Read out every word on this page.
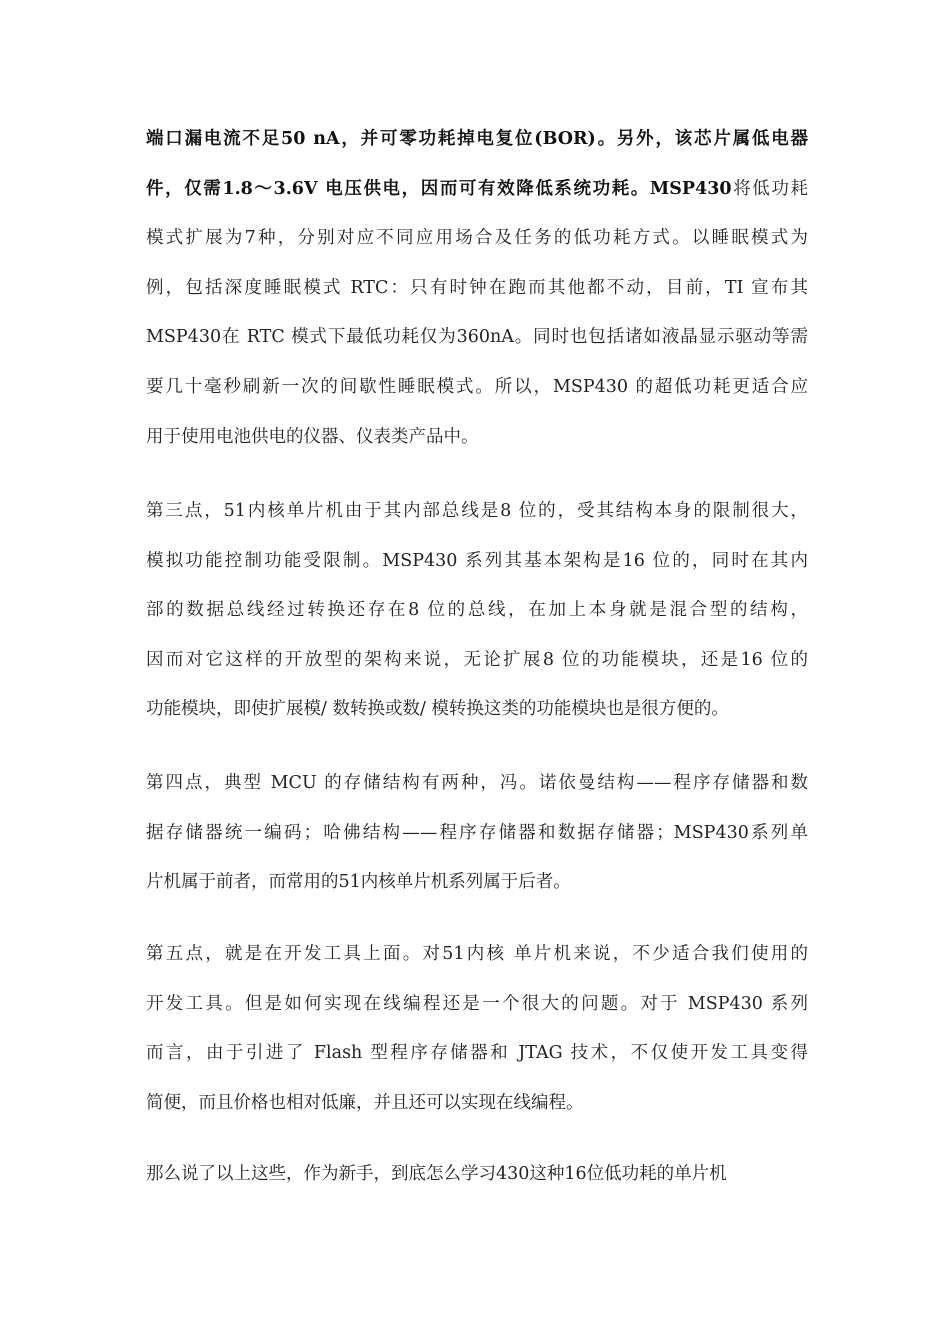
端口漏电流不足50 nA，并可零功耗掉电复位(BOR)。另外，该芯片属低电器
件，仅需1.8～3.6V 电压供电，因而可有效降低系统功耗。MSP430将低功耗
模式扩展为7种，分别对应不同应用场合及任务的低功耗方式。以睡眠模式为
例，包括深度睡眠模式 RTC：只有时钟在跑而其他都不动，目前，TI 宣布其
MSP430在 RTC 模式下最低功耗仅为360nA。同时也包括诸如液晶显示驱动等需
要几十毫秒刷新一次的间歇性睡眠模式。所以，MSP430 的超低功耗更适合应
用于使用电池供电的仪器、仪表类产品中。
第三点，51内核单片机由于其内部总线是8 位的，受其结构本身的限制很大，
模拟功能控制功能受限制。MSP430 系列其基本架构是16 位的，同时在其内
部的数据总线经过转换还存在8 位的总线，在加上本身就是混合型的结构，
因而对它这样的开放型的架构来说，无论扩展8 位的功能模块，还是16 位的
功能模块，即使扩展模/ 数转换或数/ 模转换这类的功能模块也是很方便的。
第四点，典型 MCU 的存储结构有两种，冯。诺依曼结构——程序存储器和数
据存储器统一编码；哈佛结构——程序存储器和数据存储器；MSP430系列单
片机属于前者，而常用的51内核单片机系列属于后者。
第五点，就是在开发工具上面。对51内核 单片机来说，不少适合我们使用的
开发工具。但是如何实现在线编程还是一个很大的问题。对于 MSP430 系列
而言，由于引进了 Flash 型程序存储器和 JTAG 技术，不仅使开发工具变得
简便，而且价格也相对低廉，并且还可以实现在线编程。
那么说了以上这些，作为新手，到底怎么学习430这种16位低功耗的单片机
